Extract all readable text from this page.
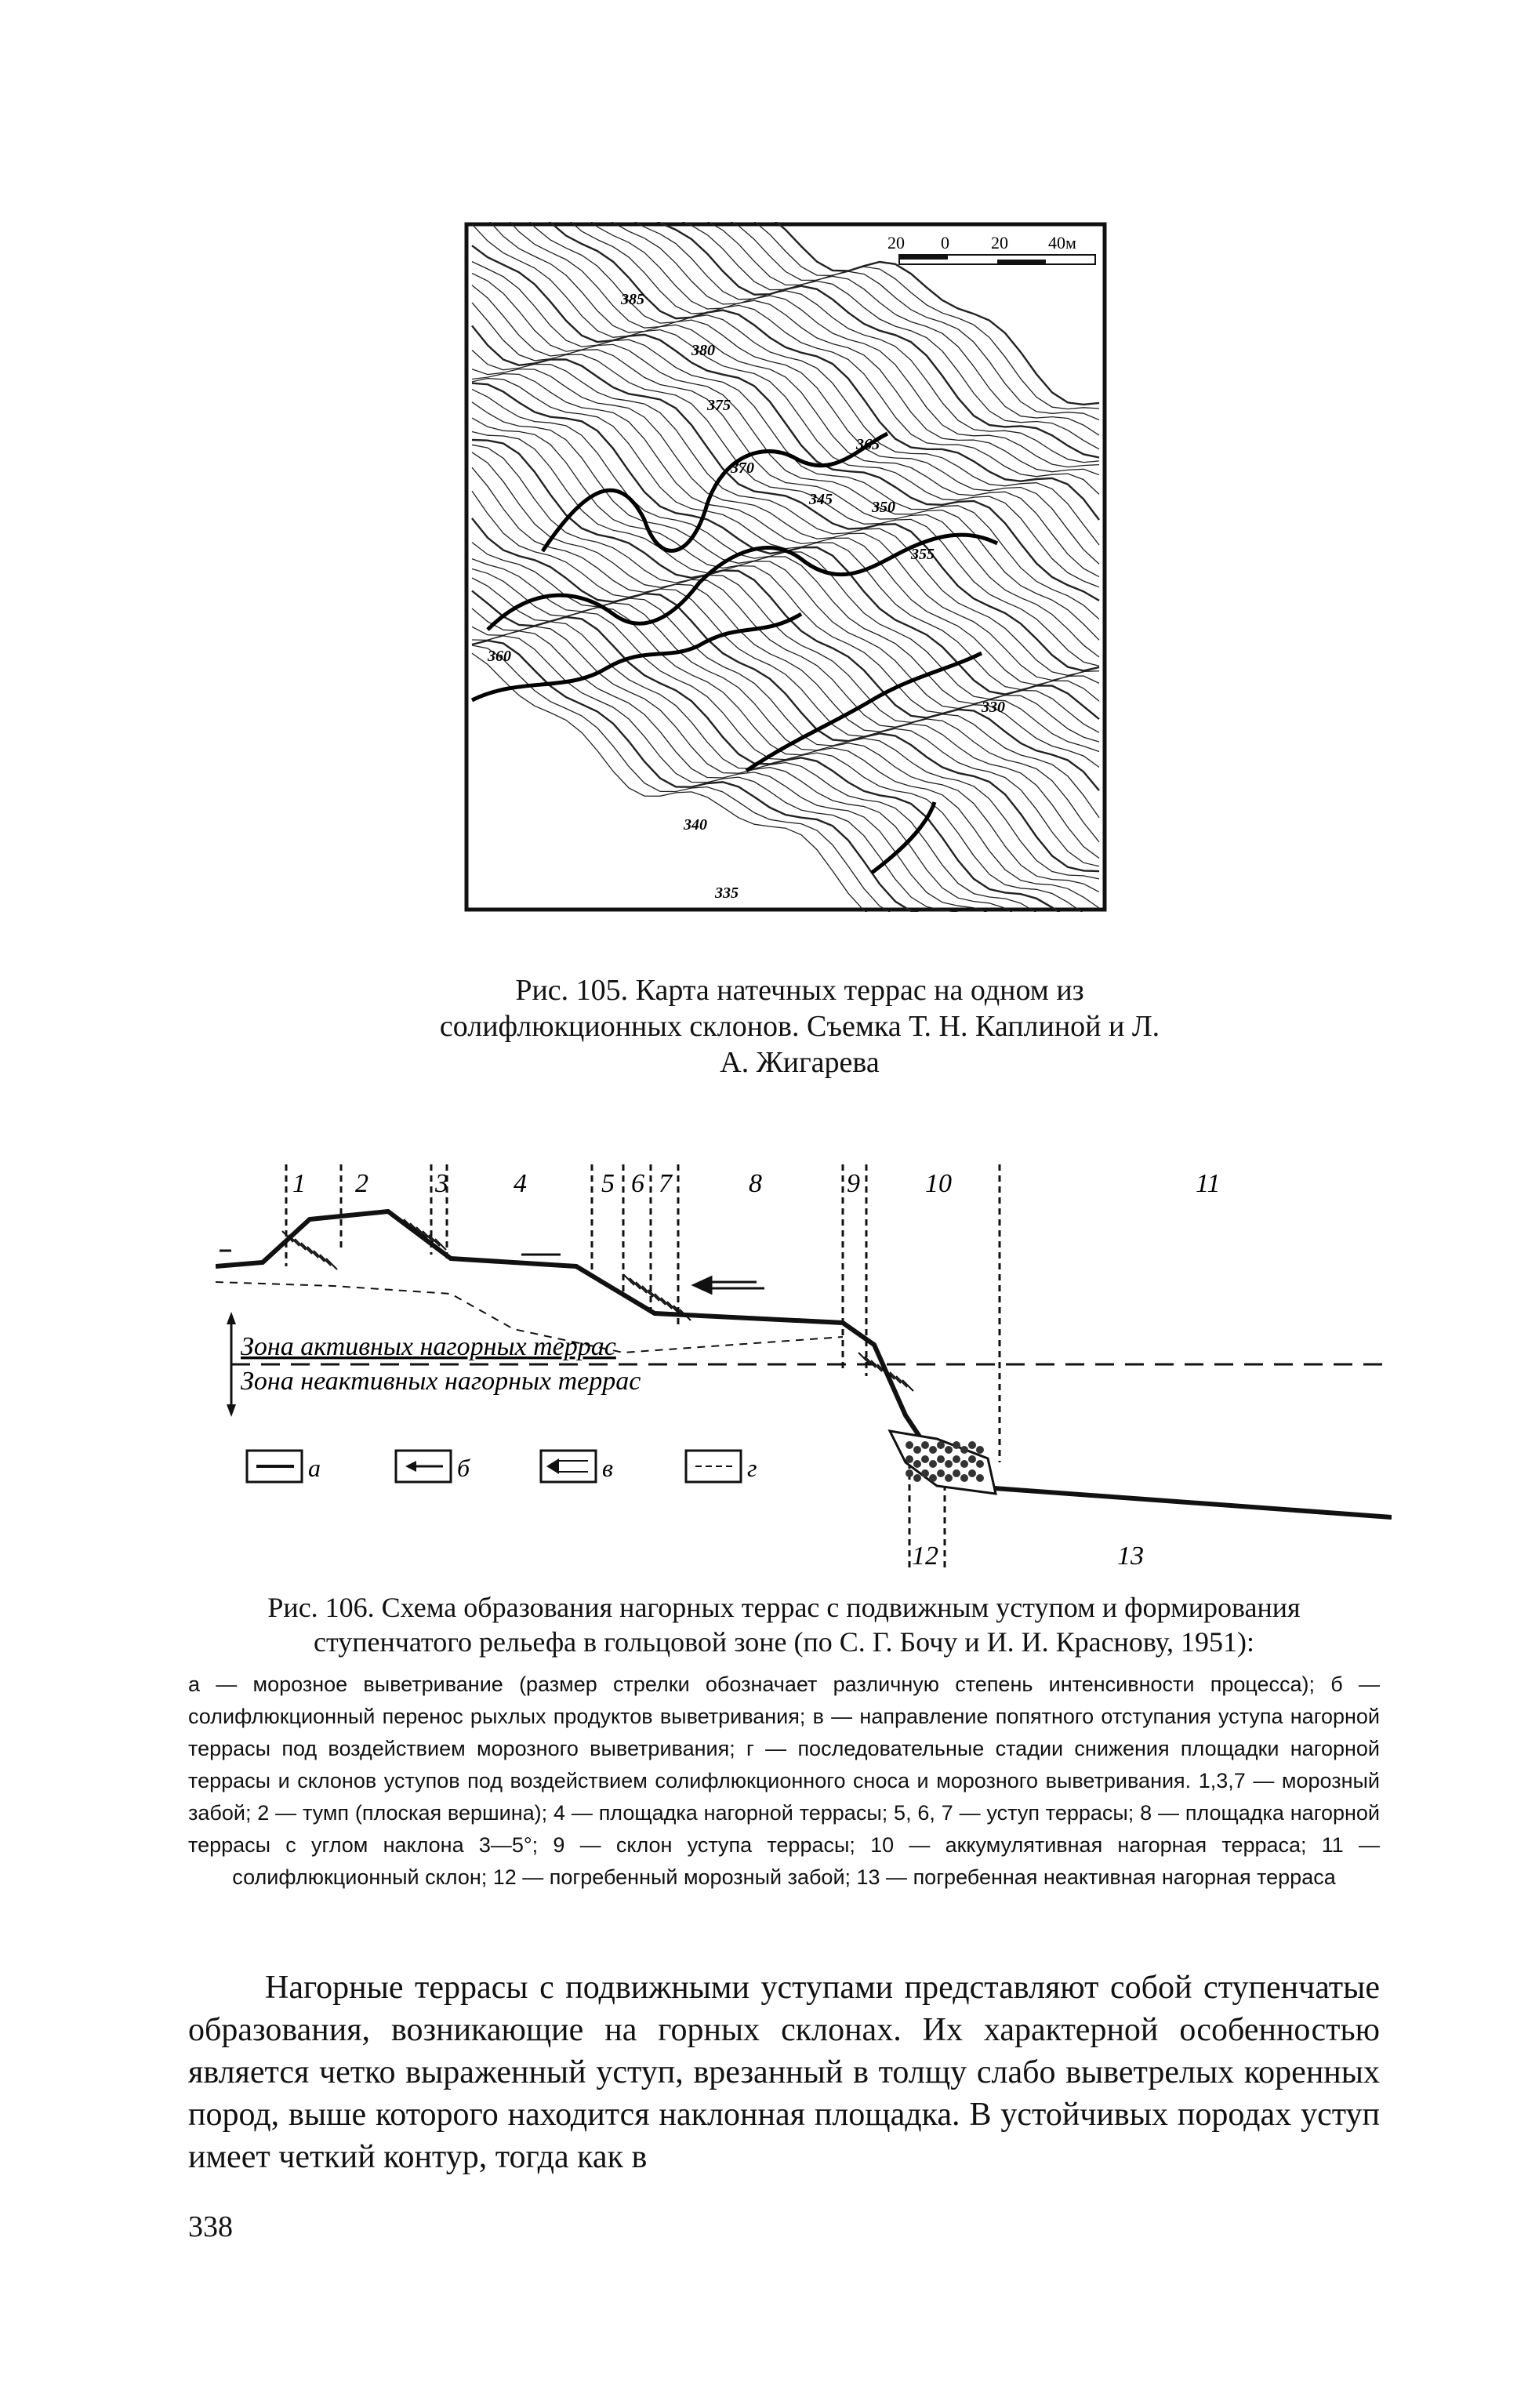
20 0 20 40м
385
380
375
370
365
360
355
350
345
340
335
330
Рис. 105. Карта натечных террас на одном из солифлюкционных склонов. Съемка Т. Н. Каплиной и Л. А. Жигарева
1 2	3 4	5 6 7	8	9 10	11
12	13
Зона активных нагорных террас
Зона неактивных нагорных террас
а	б	в	г
Рис. 106. Схема образования нагорных террас с подвижным уступом и формирования ступенчатого рельефа в гольцовой зоне (по С. Г. Бочу и И. И. Краснову, 1951):
а — морозное выветривание (размер стрелки обозначает различную степень интенсивности процесса); б — солифлюкционный перенос рыхлых продуктов выветривания; в — направление попятного отступания уступа нагорной террасы под воздействием морозного выветривания; г — последовательные стадии снижения площадки нагорной террасы и склонов уступов под воздействием солифлюкционного сноса и морозного выветривания. 1,3,7 — морозный забой; 2 — тумп (плоская вершина); 4 — площадка нагорной террасы; 5, 6, 7 — уступ террасы; 8 — площадка нагорной террасы с углом наклона 3—5°; 9 — склон уступа террасы; 10 — аккумулятивная нагорная терраса; 11 — солифлюкционный склон; 12 — погребенный морозный забой; 13 — погребенная неактивная нагорная терраса

Нагорные террасы с подвижными уступами представляют собой ступенчатые образования, возникающие на горных склонах. Их характерной особенностью является четко выраженный уступ, врезанный в толщу слабо выветрелых коренных пород, выше которого находится наклонная площадка. В устойчивых породах уступ имеет четкий контур, тогда как в

338
